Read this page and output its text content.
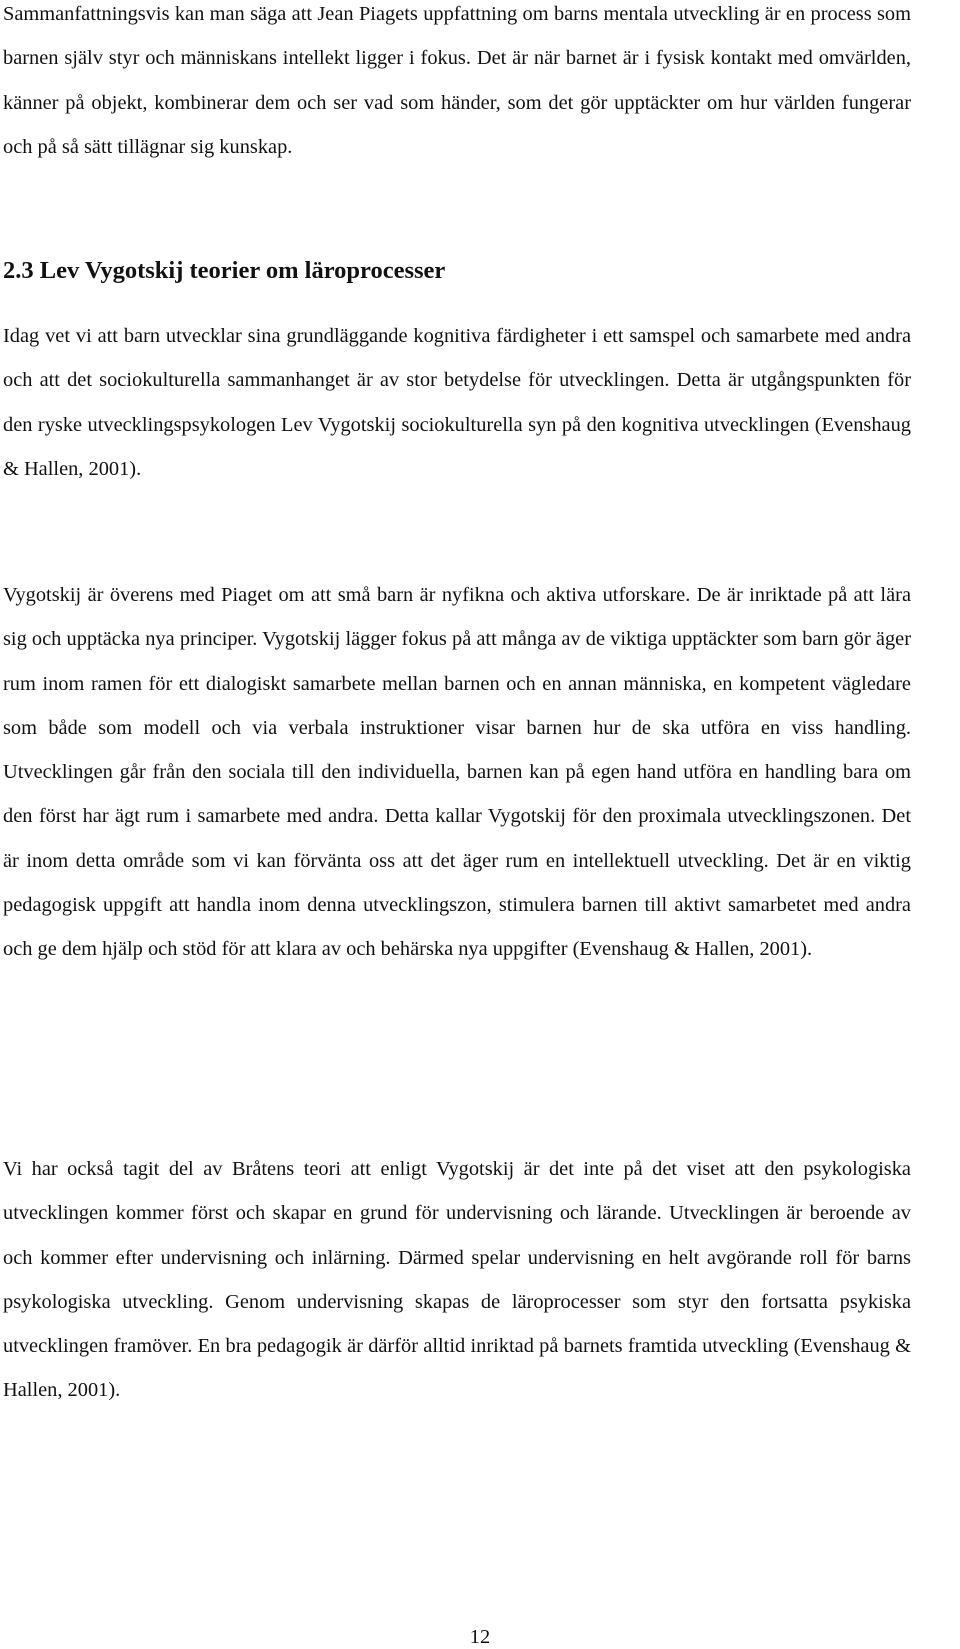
Sammanfattningsvis kan man säga att Jean Piagets uppfattning om barns mentala utveckling är en process som barnen själv styr och människans intellekt ligger i fokus. Det är när barnet är i fysisk kontakt med omvärlden, känner på objekt, kombinerar dem och ser vad som händer, som det gör upptäckter om hur världen fungerar och på så sätt tillägnar sig kunskap.

2.3 Lev Vygotskij teorier om läroprocesser

Idag vet vi att barn utvecklar sina grundläggande kognitiva färdigheter i ett samspel och samarbete med andra och att det sociokulturella sammanhanget är av stor betydelse för utvecklingen. Detta är utgångspunkten för den ryske utvecklingspsykologen Lev Vygotskij sociokulturella syn på den kognitiva utvecklingen (Evenshaug & Hallen, 2001).

Vygotskij är överens med Piaget om att små barn är nyfikna och aktiva utforskare. De är inriktade på att lära sig och upptäcka nya principer. Vygotskij lägger fokus på att många av de viktiga upptäckter som barn gör äger rum inom ramen för ett dialogiskt samarbete mellan barnen och en annan människa, en kompetent vägledare som både som modell och via verbala instruktioner visar barnen hur de ska utföra en viss handling. Utvecklingen går från den sociala till den individuella, barnen kan på egen hand utföra en handling bara om den först har ägt rum i samarbete med andra. Detta kallar Vygotskij för den proximala utvecklingszonen. Det är inom detta område som vi kan förvänta oss att det äger rum en intellektuell utveckling. Det är en viktig pedagogisk uppgift att handla inom denna utvecklingszon, stimulera barnen till aktivt samarbetet med andra och ge dem hjälp och stöd för att klara av och behärska nya uppgifter (Evenshaug & Hallen, 2001).

Vi har också tagit del av Bråtens teori att enligt Vygotskij är det inte på det viset att den psykologiska utvecklingen kommer först och skapar en grund för undervisning och lärande. Utvecklingen är beroende av och kommer efter undervisning och inlärning. Därmed spelar undervisning en helt avgörande roll för barns psykologiska utveckling. Genom undervisning skapas de läroprocesser som styr den fortsatta psykiska utvecklingen framöver. En bra pedagogik är därför alltid inriktad på barnets framtida utveckling (Evenshaug & Hallen, 2001).

12
